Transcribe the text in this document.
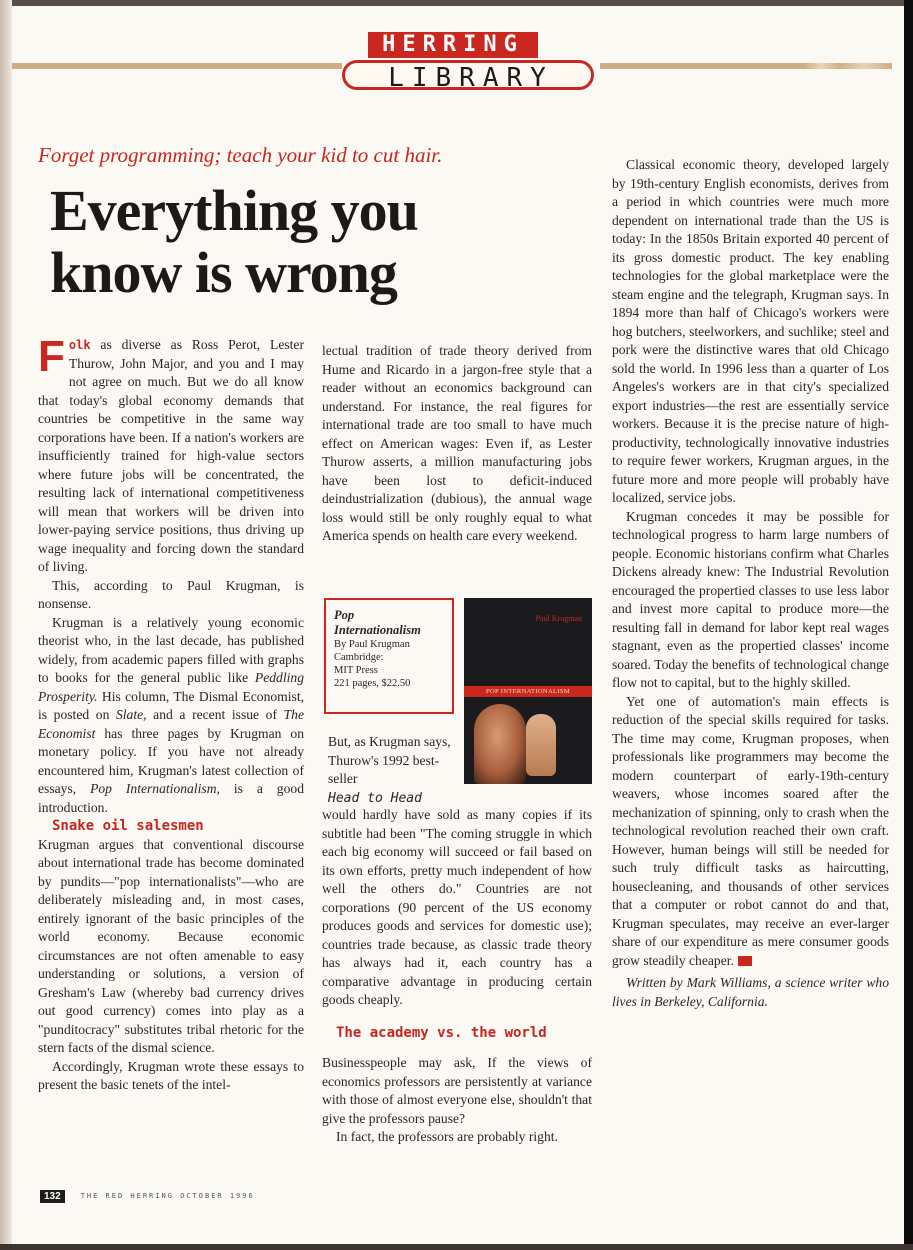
HERRING
LIBRARY
Forget programming; teach your kid to cut hair.
Everything you know is wrong

Folk as diverse as Ross Perot, Lester Thurow, John Major, and you and I may not agree on much. But we do all know that today's global economy demands that countries be competitive in the same way corporations have been. If a nation's workers are insufficiently trained for high-value sectors where future jobs will be concentrated, the resulting lack of international competitiveness will mean that workers will be driven into lower-paying service positions, thus driving up wage inequality and forcing down the standard of living.

This, according to Paul Krugman, is nonsense.

Krugman is a relatively young economic theorist who, in the last decade, has published widely, from academic papers filled with graphs to books for the general public like Peddling Prosperity. His column, The Dismal Economist, is posted on Slate, and a recent issue of The Economist has three pages by Krugman on monetary policy. If you have not already encountered him, Krugman's latest collection of essays, Pop Internationalism, is a good introduction.

Snake oil salesmen

Krugman argues that conventional discourse about international trade has become dominated by pundits—"pop internationalists"—who are deliberately misleading and, in most cases, entirely ignorant of the basic principles of the world economy. Because economic circumstances are not often amenable to easy understanding or solutions, a version of Gresham's Law (whereby bad currency drives out good currency) comes into play as a "punditocracy" substitutes tribal rhetoric for the stern facts of the dismal science.

Accordingly, Krugman wrote these essays to present the basic tenets of the intel-

lectual tradition of trade theory derived from Hume and Ricardo in a jargon-free style that a reader without an economics background can understand. For instance, the real figures for international trade are too small to have much effect on American wages: Even if, as Lester Thurow asserts, a million manufacturing jobs have been lost to deficit-induced deindustrialization (dubious), the annual wage loss would still be only roughly equal to what America spends on health care every weekend.

Pop Internationalism
By Paul Krugman
Cambridge:
MIT Press
221 pages, $22.50
Paul Krugman
POP INTERNATIONALISM
But, as Krugman says, Thurow's 1992 best-seller
Head to Head

would hardly have sold as many copies if its subtitle had been "The coming struggle in which each big economy will succeed or fail based on its own efforts, pretty much independent of how well the others do." Countries are not corporations (90 percent of the US economy produces goods and services for domestic use); countries trade because, as classic trade theory has always had it, each country has a comparative advantage in producing certain goods cheaply.

The academy vs. the world

Businesspeople may ask, If the views of economics professors are persistently at variance with those of almost everyone else, shouldn't that give the professors pause?

In fact, the professors are probably right.

Classical economic theory, developed largely by 19th-century English economists, derives from a period in which countries were much more dependent on international trade than the US is today: In the 1850s Britain exported 40 percent of its gross domestic product. The key enabling technologies for the global marketplace were the steam engine and the telegraph, Krugman says. In 1894 more than half of Chicago's workers were hog butchers, steelworkers, and suchlike; steel and pork were the distinctive wares that old Chicago sold the world. In 1996 less than a quarter of Los Angeles's workers are in that city's specialized export industries—the rest are essentially service workers. Because it is the precise nature of high-productivity, technologically innovative industries to require fewer workers, Krugman argues, in the future more and more people will probably have localized, service jobs.

Krugman concedes it may be possible for technological progress to harm large numbers of people. Economic historians confirm what Charles Dickens already knew: The Industrial Revolution encouraged the propertied classes to use less labor and invest more capital to produce more—the resulting fall in demand for labor kept real wages stagnant, even as the propertied classes' income soared. Today the benefits of technological change flow not to capital, but to the highly skilled.

Yet one of automation's main effects is reduction of the special skills required for tasks. The time may come, Krugman proposes, when professionals like programmers may become the modern counterpart of early-19th-century weavers, whose incomes soared after the mechanization of spinning, only to crash when the technological revolution reached their own craft. However, human beings will still be needed for such truly difficult tasks as haircutting, housecleaning, and thousands of other services that a computer or robot cannot do and that, Krugman speculates, may receive an ever-larger share of our expenditure as mere consumer goods grow steadily cheaper.

Written by Mark Williams, a science writer who lives in Berkeley, California.

132	THE RED HERRING OCTOBER 1996
